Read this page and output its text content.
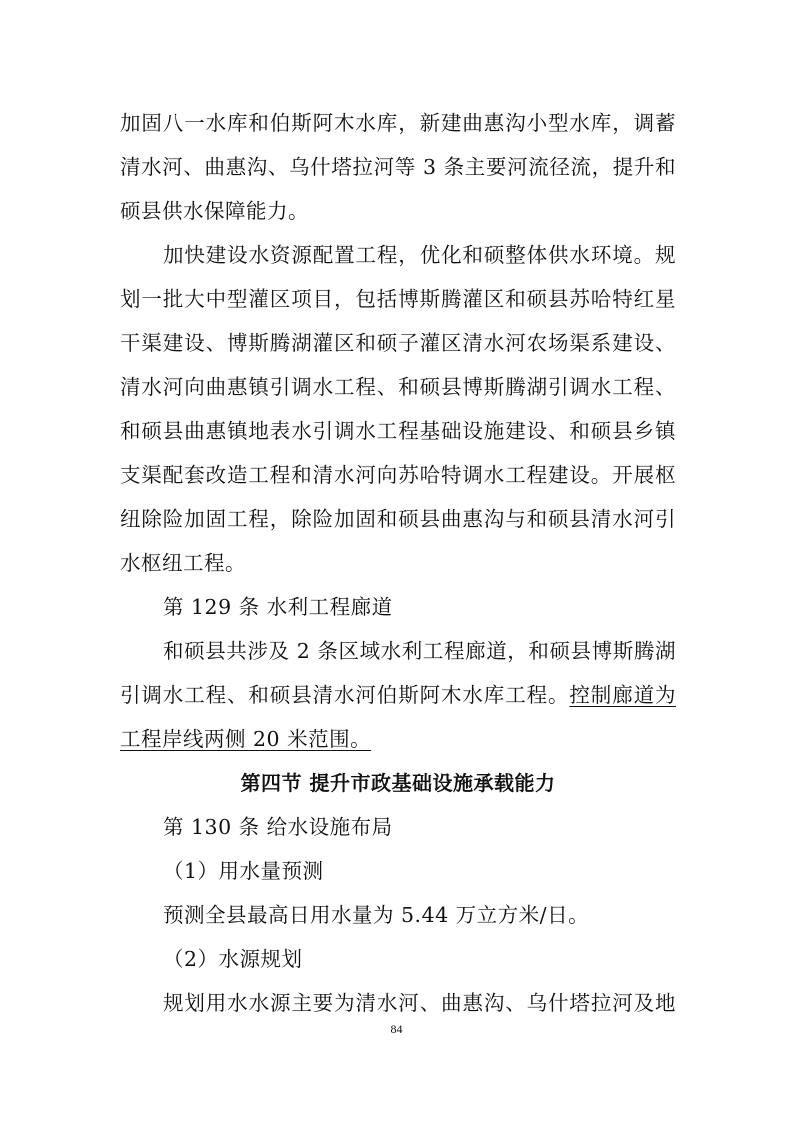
加固八一水库和伯斯阿木水库，新建曲惠沟小型水库，调蓄
清水河、曲惠沟、乌什塔拉河等 3 条主要河流径流，提升和
硕县供水保障能力。
加快建设水资源配置工程，优化和硕整体供水环境。规
划一批大中型灌区项目，包括博斯腾灌区和硕县苏哈特红星
干渠建设、博斯腾湖灌区和硕子灌区清水河农场渠系建设、
清水河向曲惠镇引调水工程、和硕县博斯腾湖引调水工程、
和硕县曲惠镇地表水引调水工程基础设施建设、和硕县乡镇
支渠配套改造工程和清水河向苏哈特调水工程建设。开展枢
纽除险加固工程，除险加固和硕县曲惠沟与和硕县清水河引
水枢纽工程。
第 129 条 水利工程廊道
和硕县共涉及 2 条区域水利工程廊道，和硕县博斯腾湖
引调水工程、和硕县清水河伯斯阿木水库工程。控制廊道为
工程岸线两侧 20 米范围。
第四节 提升市政基础设施承载能力
第 130 条 给水设施布局
（1）用水量预测
预测全县最高日用水量为 5.44 万立方米/日。
（2）水源规划
规划用水水源主要为清水河、曲惠沟、乌什塔拉河及地
84
